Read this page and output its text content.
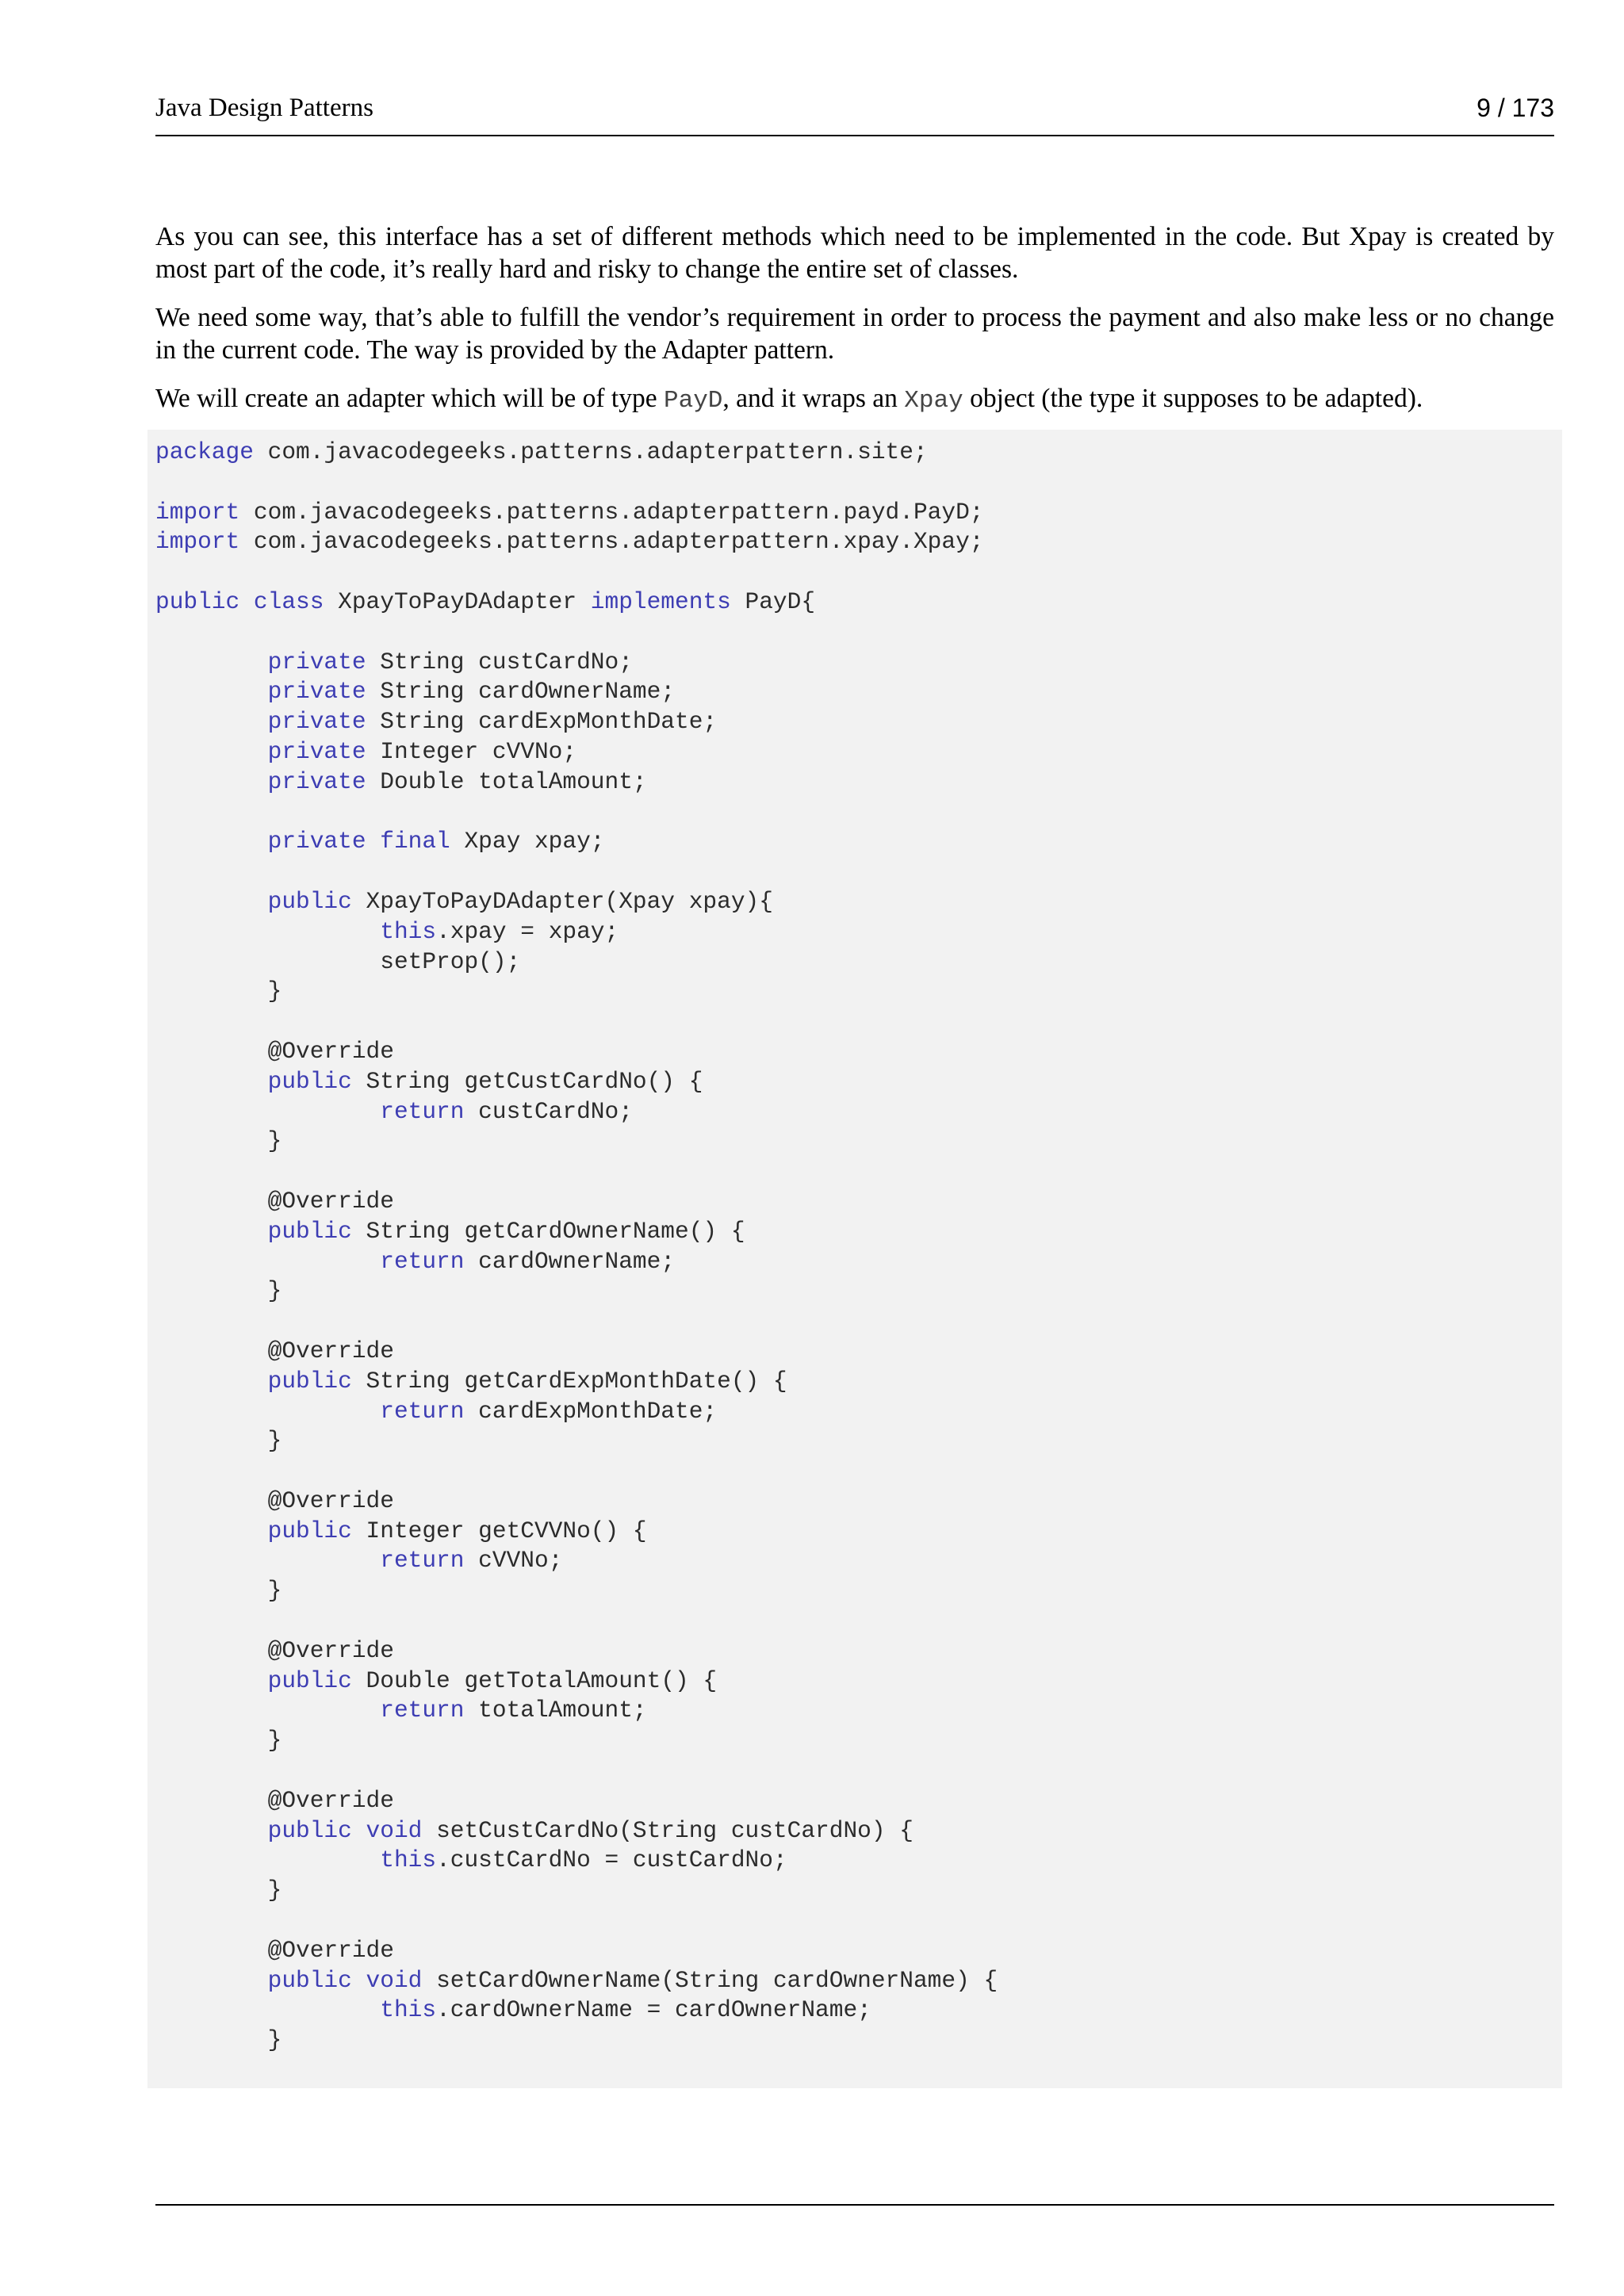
Java Design Patterns	9 / 173

As you can see, this interface has a set of different methods which need to be implemented in the code. But Xpay is created by most part of the code, it’s really hard and risky to change the entire set of classes.

We need some way, that’s able to fulfill the vendor’s requirement in order to process the payment and also make less or no change in the current code. The way is provided by the Adapter pattern.

We will create an adapter which will be of type PayD, and it wraps an Xpay object (the type it supposes to be adapted).

package com.javacodegeeks.patterns.adapterpattern.site;

import com.javacodegeeks.patterns.adapterpattern.payd.PayD;
import com.javacodegeeks.patterns.adapterpattern.xpay.Xpay;

public class XpayToPayDAdapter implements PayD{

private String custCardNo;
private String cardOwnerName;
private String cardExpMonthDate;
private Integer cVVNo;
private Double totalAmount;

private final Xpay xpay;

public XpayToPayDAdapter(Xpay xpay){
this.xpay = xpay;
setProp();
}

@Override
public String getCustCardNo() {
return custCardNo;
}

@Override
public String getCardOwnerName() {
return cardOwnerName;
}

@Override
public String getCardExpMonthDate() {
return cardExpMonthDate;
}

@Override
public Integer getCVVNo() {
return cVVNo;
}

@Override
public Double getTotalAmount() {
return totalAmount;
}

@Override
public void setCustCardNo(String custCardNo) {
this.custCardNo = custCardNo;
}

@Override
public void setCardOwnerName(String cardOwnerName) {
this.cardOwnerName = cardOwnerName;
}
